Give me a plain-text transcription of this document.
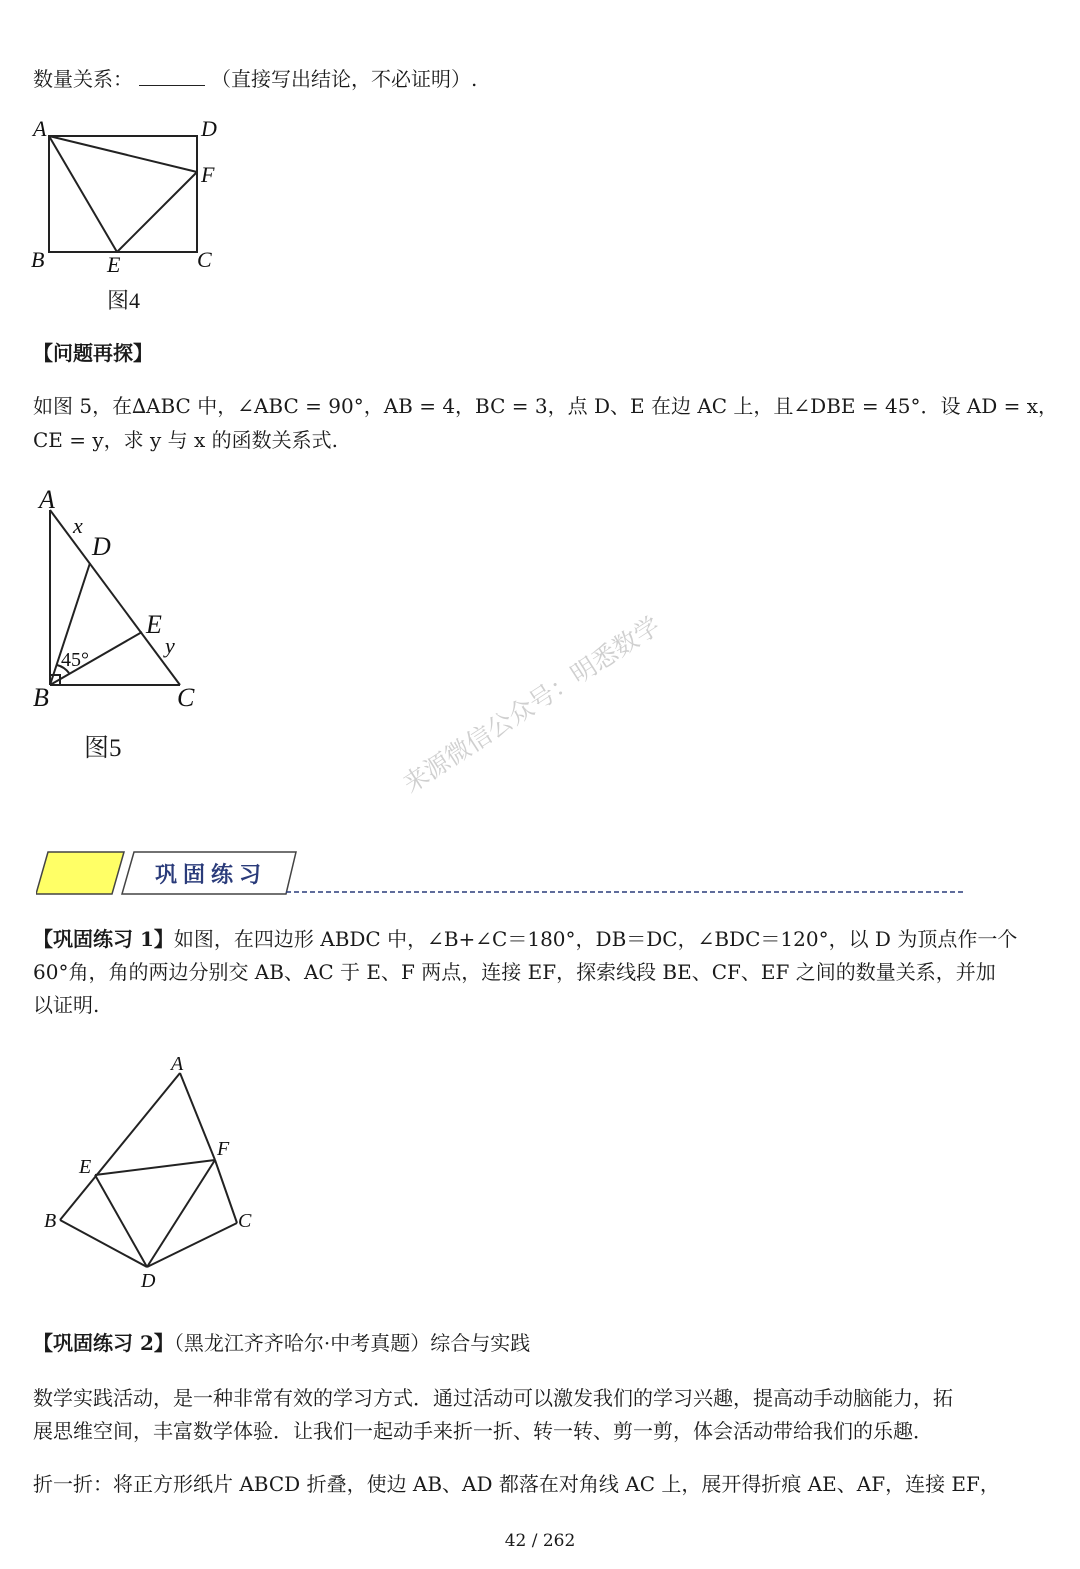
数量关系：	（直接写出结论，不必证明）.
A	D
F
B	E	C
图4
【问题再探】
如图 5，在∆ABC 中，∠ABC = 90°，AB = 4，BC = 3，点 D、E 在边 AC 上，且∠DBE = 45°．设 AD = x，
CE = y，求 y 与 x 的函数关系式.
A
x
D
E
y
45°
B	C
图5	来源微信公众号：明悉数学
巩固练习
【巩固练习 1】如图，在四边形 ABDC 中，∠B+∠C＝180°，DB＝DC，∠BDC＝120°，以 D 为顶点作一个
60°角，角的两边分别交 AB、AC 于 E、F 两点，连接 EF，探索线段 BE、CF、EF 之间的数量关系，并加
以证明.
A
E
F
B	C
D
【巩固练习 2】（黑龙江齐齐哈尔·中考真题）综合与实践
数学实践活动，是一种非常有效的学习方式．通过活动可以激发我们的学习兴趣，提高动手动脑能力，拓
展思维空间，丰富数学体验．让我们一起动手来折一折、转一转、剪一剪，体会活动带给我们的乐趣．
折一折：将正方形纸片 ABCD 折叠，使边 AB、AD 都落在对角线 AC 上，展开得折痕 AE、AF，连接 EF，
42 / 262
